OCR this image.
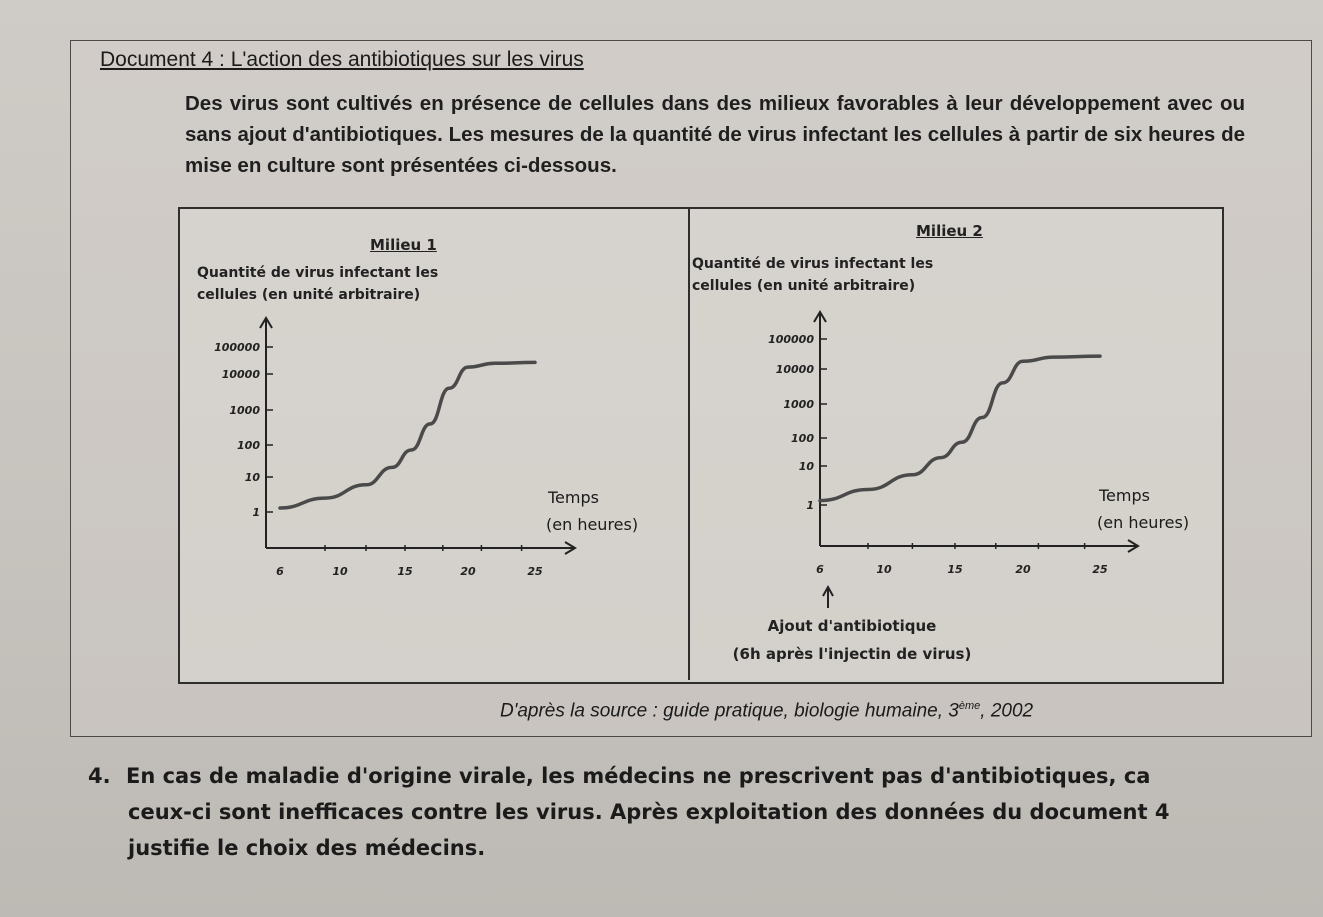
Document 4 : L'action des antibiotiques sur les virus
Des virus sont cultivés en présence de cellules dans des milieux favorables à leur développement avec ou sans ajout d'antibiotiques. Les mesures de la quantité de virus infectant les cellules à partir de six heures de mise en culture sont présentées ci-dessous.
Milieu 1
Quantité de virus infectant les
cellules (en unité arbitraire)
Temps
(en heures)
Milieu 2
Quantité de virus infectant les
cellules (en unité arbitraire)
Temps
(en heures)
Ajout d'antibiotique
(6h après l'injectin de virus)
6	10	15	20	25
1
10
100
1000
10000
100000
6	10	15	20	25
1
10
100
1000
10000
100000
D'après la source : guide pratique, biologie humaine, 3ème, 2002
4. En cas de maladie d'origine virale, les médecins ne prescrivent pas d'antibiotiques, ca
ceux-ci sont inefficaces contre les virus. Après exploitation des données du document 4
justifie le choix des médecins.
